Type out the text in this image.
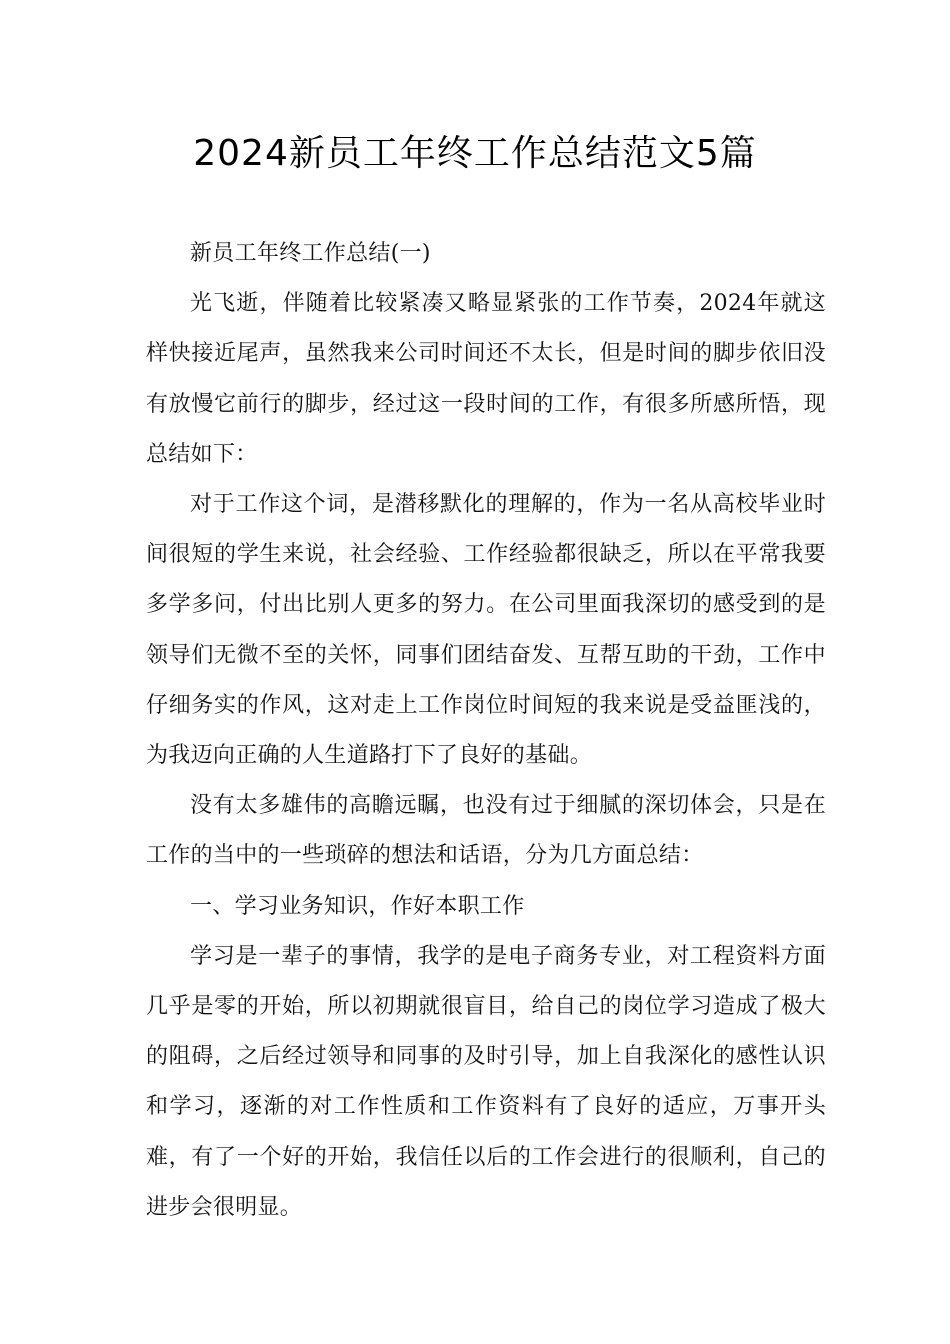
2024新员工年终工作总结范文5篇

新员工年终工作总结(一)

光飞逝，伴随着比较紧凑又略显紧张的工作节奏，2024年就这样快接近尾声，虽然我来公司时间还不太长，但是时间的脚步依旧没有放慢它前行的脚步，经过这一段时间的工作，有很多所感所悟，现总结如下：

对于工作这个词，是潜移默化的理解的，作为一名从高校毕业时间很短的学生来说，社会经验、工作经验都很缺乏，所以在平常我要多学多问，付出比别人更多的努力。在公司里面我深切的感受到的是领导们无微不至的关怀，同事们团结奋发、互帮互助的干劲，工作中仔细务实的作风，这对走上工作岗位时间短的我来说是受益匪浅的，为我迈向正确的人生道路打下了良好的基础。

没有太多雄伟的高瞻远瞩，也没有过于细腻的深切体会，只是在工作的当中的一些琐碎的想法和话语，分为几方面总结：

一、学习业务知识，作好本职工作

学习是一辈子的事情，我学的是电子商务专业，对工程资料方面几乎是零的开始，所以初期就很盲目，给自己的岗位学习造成了极大的阻碍，之后经过领导和同事的及时引导，加上自我深化的感性认识和学习，逐渐的对工作性质和工作资料有了良好的适应，万事开头难，有了一个好的开始，我信任以后的工作会进行的很顺利，自己的进步会很明显。
